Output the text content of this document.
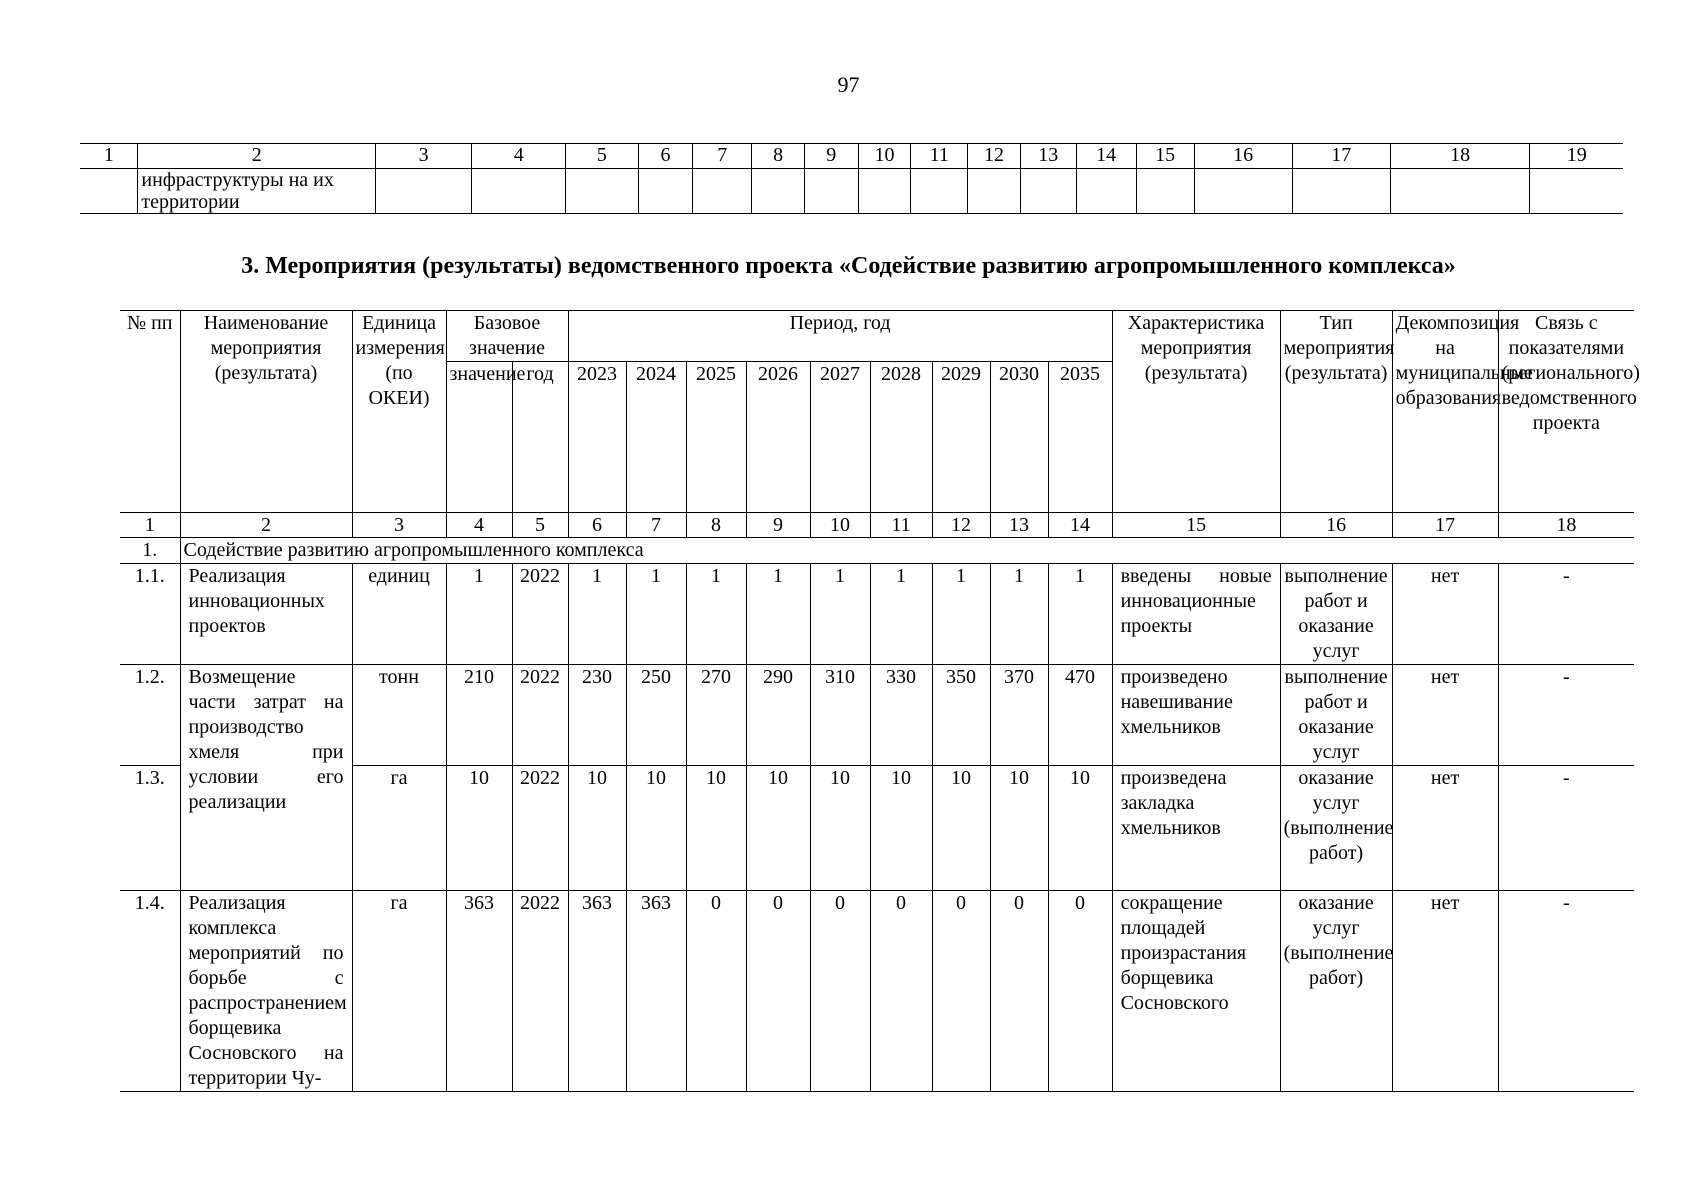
97
1	2	3	4	5	6	7	8	9	10	11	12	13	14	15	16	17	18	19
	инфраструктуры на их территории																	
3. Мероприятия (результаты) ведомственного проекта «Содействие развитию агропромышленного комплекса»
№ пп	Наименование мероприятия (результата)	Единица измерения (по ОКЕИ)	Базовое значение		Период, год									Характеристика мероприятия (результата)	Тип мероприятия (результата)	Декомпозиция на муниципальные образования	Связь с показателями (регионального) ведомственного проекта
			значение	год	2023	2024	2025	2026	2027	2028	2029	2030	2035				

1	2	3	4	5	6	7	8	9	10	11	12	13	14	15	16	17	18
1.	Содействие развитию агропромышленного комплекса																
1.1.	Реализация инновационных проектов	единиц	1	2022	1	1	1	1	1	1	1	1	1	введены новые инновационные проекты	выполнение работ и оказание услуг	нет	-
1.2.	Возмещение части затрат на производство хмеля при условии его реализации	тонн	210	2022	230	250	270	290	310	330	350	370	470	произведено навешивание хмельников	выполнение работ и оказание услуг	нет	-
1.3.		га	10	2022	10	10	10	10	10	10	10	10	10	произведена закладка хмельников	оказание услуг (выполнение работ)	нет	-
1.4.	Реализация комплекса мероприятий по борьбе с распространением борщевика Сосновского на территории Чу-	га	363	2022	363	363	0	0	0	0	0	0	0	сокращение площадей произрастания борщевика Сосновского	оказание услуг (выполнение работ)	нет	-
